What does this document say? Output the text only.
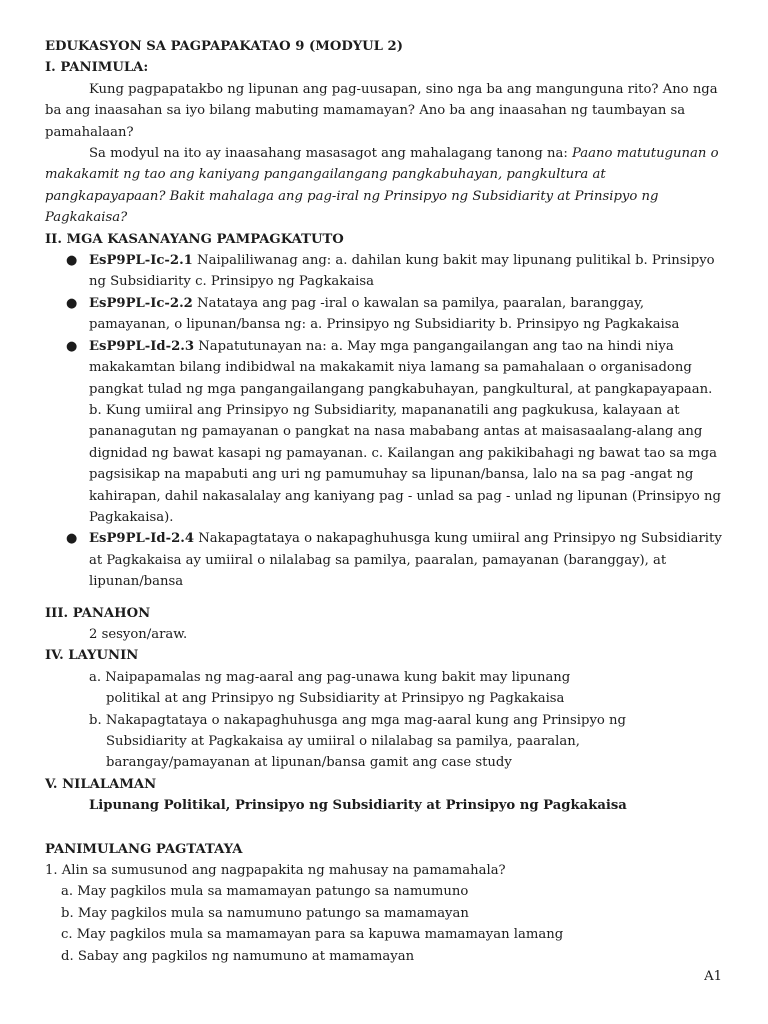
EDUKASYON SA PAGPAPAKATAO 9 (MODYUL 2)
I. PANIMULA:
Kung pagpapatakbo ng lipunan ang pag-uusapan, sino nga ba ang mangunguna rito? Ano nga ba ang inaasahan sa iyo bilang mabuting mamamayan? Ano ba ang inaasahan ng taumbayan sa pamahalaan?
Sa modyul na ito ay inaasahang masasagot ang mahalagang tanong na: Paano matutugunan o makakamit ng tao ang kaniyang pangangailangang pangkabuhayan, pangkultura at pangkapayapaan? Bakit mahalaga ang pag-iral ng Prinsipyo ng Subsidiarity at Prinsipyo ng Pagkakaisa?
II. MGA KASANAYANG PAMPAGKATUTO
● EsP9PL-Ic-2.1 Naipaliliwanag ang: a. dahilan kung bakit may lipunang pulitikal b. Prinsipyo ng Subsidiarity c. Prinsipyo ng Pagkakaisa
● EsP9PL-Ic-2.2 Natataya ang pag -iral o kawalan sa pamilya, paaralan, baranggay, pamayanan, o lipunan/bansa ng: a. Prinsipyo ng Subsidiarity b. Prinsipyo ng Pagkakaisa
● EsP9PL-Id-2.3 Napatutunayan na: a. May mga pangangailangan ang tao na hindi niya makakamtan bilang indibidwal na makakamit niya lamang sa pamahalaan o organisadong pangkat tulad ng mga pangangailangang pangkabuhayan, pangkultural, at pangkapayapaan. b. Kung umiiral ang Prinsipyo ng Subsidiarity, mapananatili ang pagkukusa, kalayaan at pananagutan ng pamayanan o pangkat na nasa mababang antas at maisasaalang-alang ang dignidad ng bawat kasapi ng pamayanan. c. Kailangan ang pakikibahagi ng bawat tao sa mga pagsisikap na mapabuti ang uri ng pamumuhay sa lipunan/bansa, lalo na sa pag -angat ng kahirapan, dahil nakasalalay ang kaniyang pag - unlad sa pag - unlad ng lipunan (Prinsipyo ng Pagkakaisa).
● EsP9PL-Id-2.4 Nakapagtataya o nakapaghuhusga kung umiiral ang Prinsipyo ng Subsidiarity at Pagkakaisa ay umiiral o nilalabag sa pamilya, paaralan, pamayanan (baranggay), at lipunan/bansa
III. PANAHON
2 sesyon/araw.
IV. LAYUNIN
a. Naipapamalas ng mag-aaral ang pag-unawa kung bakit may lipunang
politikal at ang Prinsipyo ng Subsidiarity at Prinsipyo ng Pagkakaisa
b. Nakapagtataya o nakapaghuhusga ang mga mag-aaral kung ang Prinsipyo ng
Subsidiarity at Pagkakaisa ay umiiral o nilalabag sa pamilya, paaralan,
barangay/pamayanan at lipunan/bansa gamit ang case study
V. NILALAMAN
Lipunang Politikal, Prinsipyo ng Subsidiarity at Prinsipyo ng Pagkakaisa
PANIMULANG PAGTATAYA
1. Alin sa sumusunod ang nagpapakita ng mahusay na pamamahala?
a. May pagkilos mula sa mamamayan patungo sa namumuno
b. May pagkilos mula sa namumuno patungo sa mamamayan
c. May pagkilos mula sa mamamayan para sa kapuwa mamamayan lamang
d. Sabay ang pagkilos ng namumuno at mamamayan
A1
